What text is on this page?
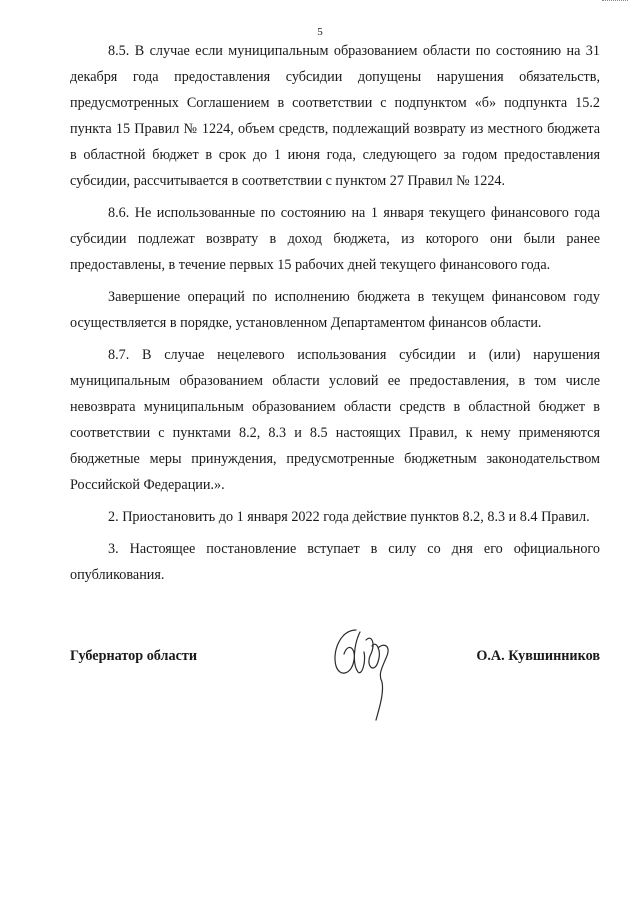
5

8.5. В случае если муниципальным образованием области по состоянию на 31 декабря года предоставления субсидии допущены нарушения обязательств, предусмотренных Соглашением в соответствии с подпунктом «б» подпункта 15.2 пункта 15 Правил № 1224, объем средств, подлежащий возврату из местного бюджета в областной бюджет в срок до 1 июня года, следующего за годом предоставления субсидии, рассчитывается в соответствии с пунктом 27 Правил № 1224.

8.6. Не использованные по состоянию на 1 января текущего финансового года субсидии подлежат возврату в доход бюджета, из которого они были ранее предоставлены, в течение первых 15 рабочих дней текущего финансового года.

Завершение операций по исполнению бюджета в текущем финансовом году осуществляется в порядке, установленном Департаментом финансов области.

8.7. В случае нецелевого использования субсидии и (или) нарушения муниципальным образованием области условий ее предоставления, в том числе невозврата муниципальным образованием области средств в областной бюджет в соответствии с пунктами 8.2, 8.3 и 8.5 настоящих Правил, к нему применяются бюджетные меры принуждения, предусмотренные бюджетным законодательством Российской Федерации.».

2. Приостановить до 1 января 2022 года действие пунктов 8.2, 8.3 и 8.4 Правил.

3. Настоящее постановление вступает в силу со дня его официального опубликования.

Губернатор области	О.А. Кувшинников
